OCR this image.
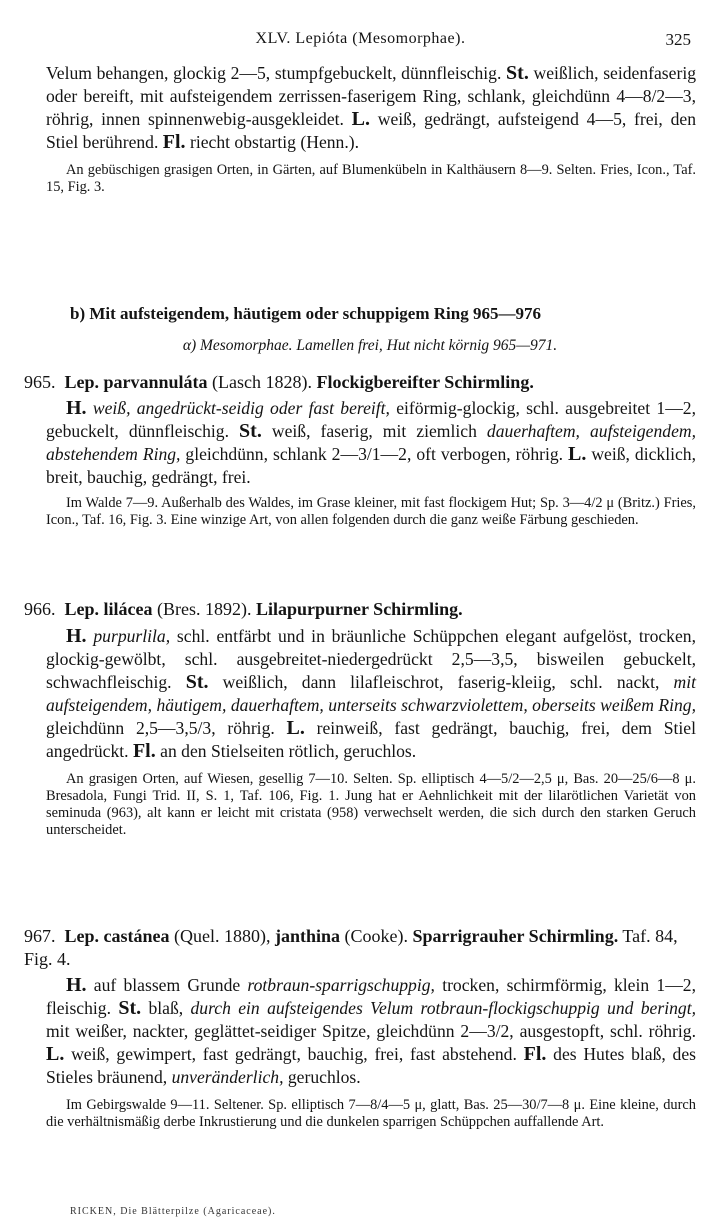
XLV. Lepióta (Mesomorphae).	325

Velum behangen, glockig 2—5, stumpfgebuckelt, dünnfleischig. St. weißlich, seidenfaserig oder bereift, mit aufsteigendem zerrissen-faserigem Ring, schlank, gleichdünn 4—8/2—3, röhrig, innen spinnenwebig-ausgekleidet. L. weiß, gedrängt, aufsteigend 4—5, frei, den Stiel berührend. Fl. riecht obstartig (Henn.).

An gebüschigen grasigen Orten, in Gärten, auf Blumenkübeln in Kalthäusern 8—9. Selten. Fries, Icon., Taf. 15, Fig. 3.

b) Mit aufsteigendem, häutigem oder schuppigem Ring 965—976
α) Mesomorphae. Lamellen frei, Hut nicht körnig 965—971.
965. Lep. parvannuláta (Lasch 1828). Flockigbereifter Schirmling.

H. weiß, angedrückt-seidig oder fast bereift, eiförmig-glockig, schl. ausgebreitet 1—2, gebuckelt, dünnfleischig. St. weiß, faserig, mit ziemlich dauerhaftem, aufsteigendem, abstehendem Ring, gleichdünn, schlank 2—3/1—2, oft verbogen, röhrig. L. weiß, dicklich, breit, bauchig, gedrängt, frei.

Im Walde 7—9. Außerhalb des Waldes, im Grase kleiner, mit fast flockigem Hut; Sp. 3—4/2 μ (Britz.) Fries, Icon., Taf. 16, Fig. 3. Eine winzige Art, von allen folgenden durch die ganz weiße Färbung geschieden.

966. Lep. lilácea (Bres. 1892). Lilapurpurner Schirmling.

H. purpurlila, schl. entfärbt und in bräunliche Schüppchen elegant aufgelöst, trocken, glockig-gewölbt, schl. ausgebreitet-niedergedrückt 2,5—3,5, bisweilen gebuckelt, schwachfleischig. St. weißlich, dann lilafleischrot, faserig-kleiig, schl. nackt, mit aufsteigendem, häutigem, dauerhaftem, unterseits schwarzviolettem, oberseits weißem Ring, gleichdünn 2,5—3,5/3, röhrig. L. reinweiß, fast gedrängt, bauchig, frei, dem Stiel angedrückt. Fl. an den Stielseiten rötlich, geruchlos.

An grasigen Orten, auf Wiesen, gesellig 7—10. Selten. Sp. elliptisch 4—5/2—2,5 μ, Bas. 20—25/6—8 μ. Bresadola, Fungi Trid. II, S. 1, Taf. 106, Fig. 1. Jung hat er Aehnlichkeit mit der lilarötlichen Varietät von seminuda (963), alt kann er leicht mit cristata (958) verwechselt werden, die sich durch den starken Geruch unterscheidet.

967. Lep. castánea (Quel. 1880), janthina (Cooke). Sparrigrauher Schirmling. Taf. 84, Fig. 4.

H. auf blassem Grunde rotbraun-sparrigschuppig, trocken, schirmförmig, klein 1—2, fleischig. St. blaß, durch ein aufsteigendes Velum rotbraun-flockigschuppig und beringt, mit weißer, nackter, geglättet-seidiger Spitze, gleichdünn 2—3/2, ausgestopft, schl. röhrig. L. weiß, gewimpert, fast gedrängt, bauchig, frei, fast abstehend. Fl. des Hutes blaß, des Stieles bräunend, unveränderlich, geruchlos.

Im Gebirgswalde 9—11. Seltener. Sp. elliptisch 7—8/4—5 μ, glatt, Bas. 25—30/7—8 μ. Eine kleine, durch die verhältnismäßig derbe Inkrustierung und die dunkelen sparrigen Schüppchen auffallende Art.

RICKEN, Die Blätterpilze (Agaricaceae).
